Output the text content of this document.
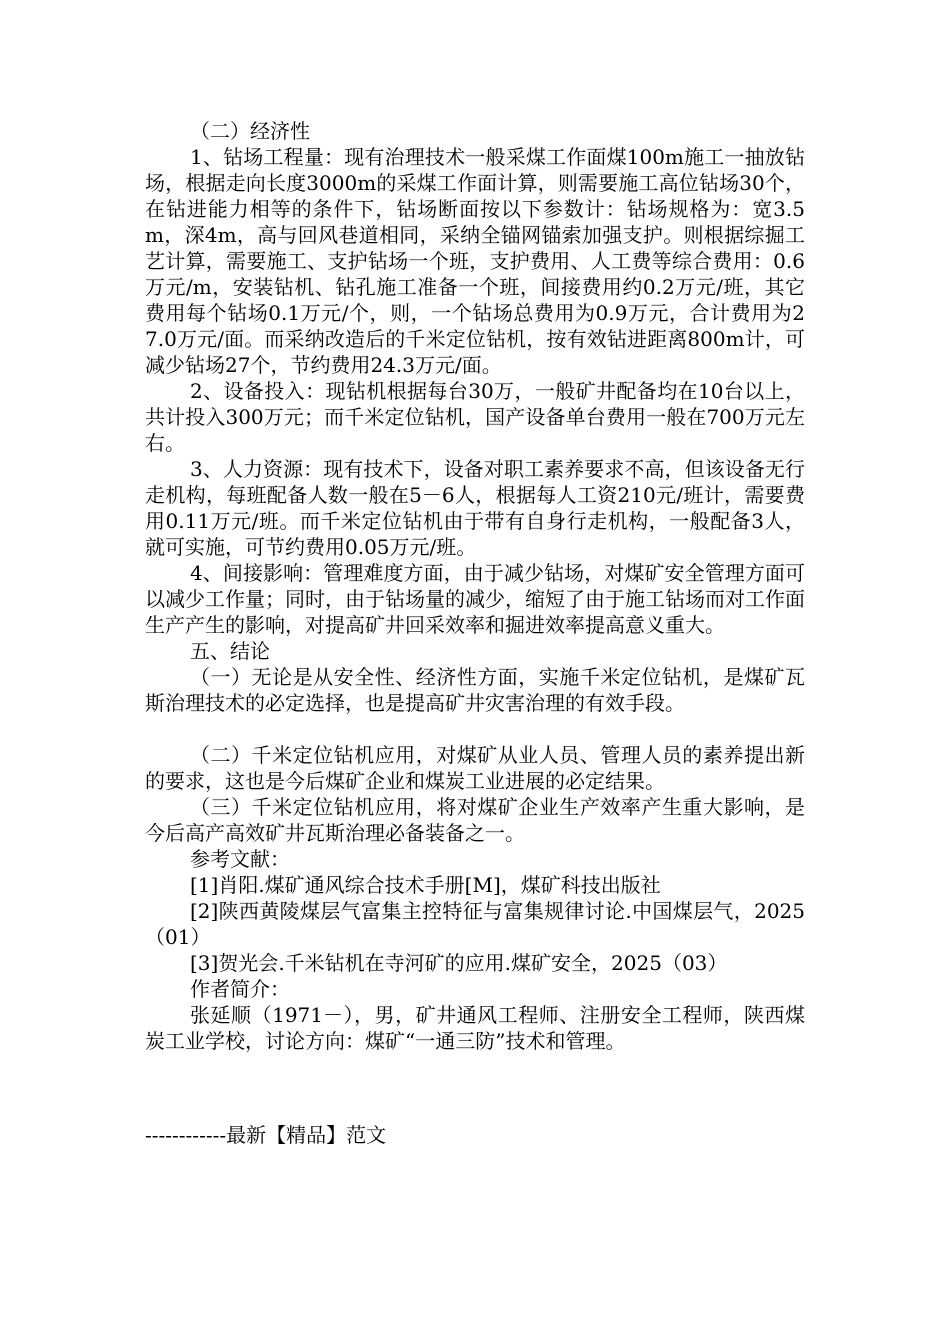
（二）经济性

1、钻场工程量：现有治理技术一般采煤工作面煤100m施工一抽放钻场，根据走向长度3000m的采煤工作面计算，则需要施工高位钻场30个，在钻进能力相等的条件下，钻场断面按以下参数计：钻场规格为：宽3.5m，深4m，高与回风巷道相同，采纳全锚网锚索加强支护。则根据综掘工艺计算，需要施工、支护钻场一个班，支护费用、人工费等综合费用：0.6万元/m，安装钻机、钻孔施工准备一个班，间接费用约0.2万元/班，其它费用每个钻场0.1万元/个，则，一个钻场总费用为0.9万元，合计费用为27.0万元/面。而采纳改造后的千米定位钻机，按有效钻进距离800m计，可减少钻场27个，节约费用24.3万元/面。

2、设备投入：现钻机根据每台30万，一般矿井配备均在10台以上，共计投入300万元；而千米定位钻机，国产设备单台费用一般在700万元左右。

3、人力资源：现有技术下，设备对职工素养要求不高，但该设备无行走机构，每班配备人数一般在5－6人，根据每人工资210元/班计，需要费用0.11万元/班。而千米定位钻机由于带有自身行走机构，一般配备3人，就可实施，可节约费用0.05万元/班。

4、间接影响：管理难度方面，由于减少钻场，对煤矿安全管理方面可以减少工作量；同时，由于钻场量的减少，缩短了由于施工钻场而对工作面生产产生的影响，对提高矿井回采效率和掘进效率提高意义重大。

五、结论

（一）无论是从安全性、经济性方面，实施千米定位钻机，是煤矿瓦斯治理技术的必定选择，也是提高矿井灾害治理的有效手段。

（二）千米定位钻机应用，对煤矿从业人员、管理人员的素养提出新的要求，这也是今后煤矿企业和煤炭工业进展的必定结果。

（三）千米定位钻机应用，将对煤矿企业生产效率产生重大影响，是今后高产高效矿井瓦斯治理必备装备之一。

参考文献：

[1]肖阳.煤矿通风综合技术手册[M]，煤矿科技出版社

[2]陕西黄陵煤层气富集主控特征与富集规律讨论.中国煤层气，2025（01）

[3]贺光会.千米钻机在寺河矿的应用.煤矿安全，2025（03）

作者简介：

张延顺（1971－），男，矿井通风工程师、注册安全工程师，陕西煤炭工业学校，讨论方向：煤矿“一通三防”技术和管理。

------------最新【精品】范文
